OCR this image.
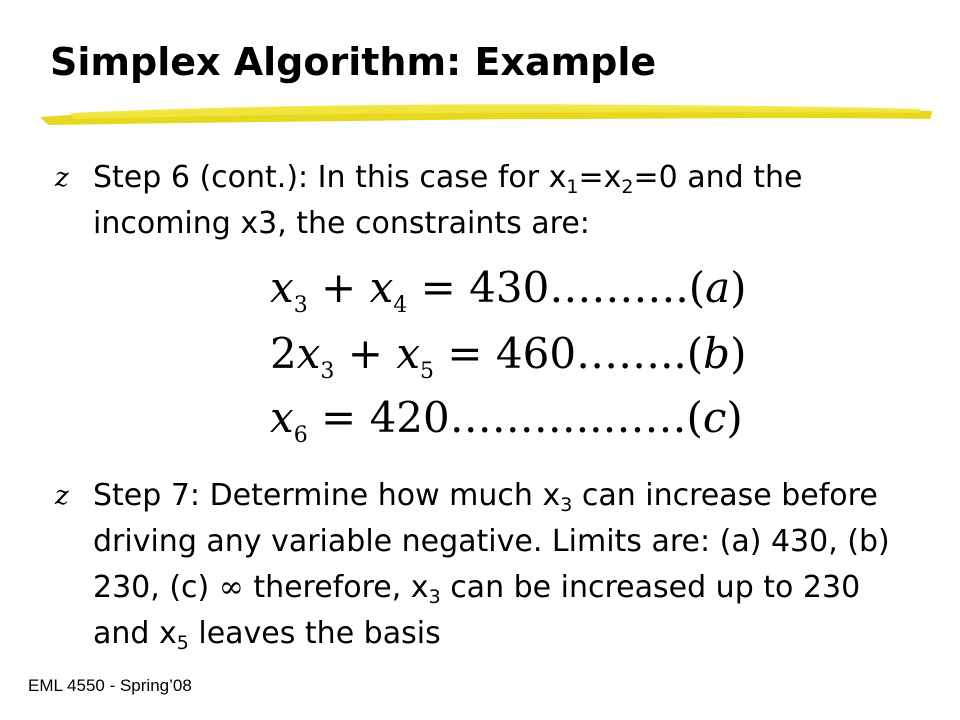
Simplex Algorithm: Example
z Step 6 (cont.): In this case for $x_1=x_2=0$ and the incoming x3, the constraints are:
$x_3 + x_4$ = 430……….(a)
$2x_3 + x_5$ = 460……..(b)
$x_6$ = 420………..……(c)
z Step 7: Determine how much $x_3$ can increase before driving any variable negative. Limits are: (a) 430, (b) 230, (c) ∞ therefore, $x_3$ can be increased up to 230 and $x_5$ leaves the basis
EML 4550 - Spring’08
